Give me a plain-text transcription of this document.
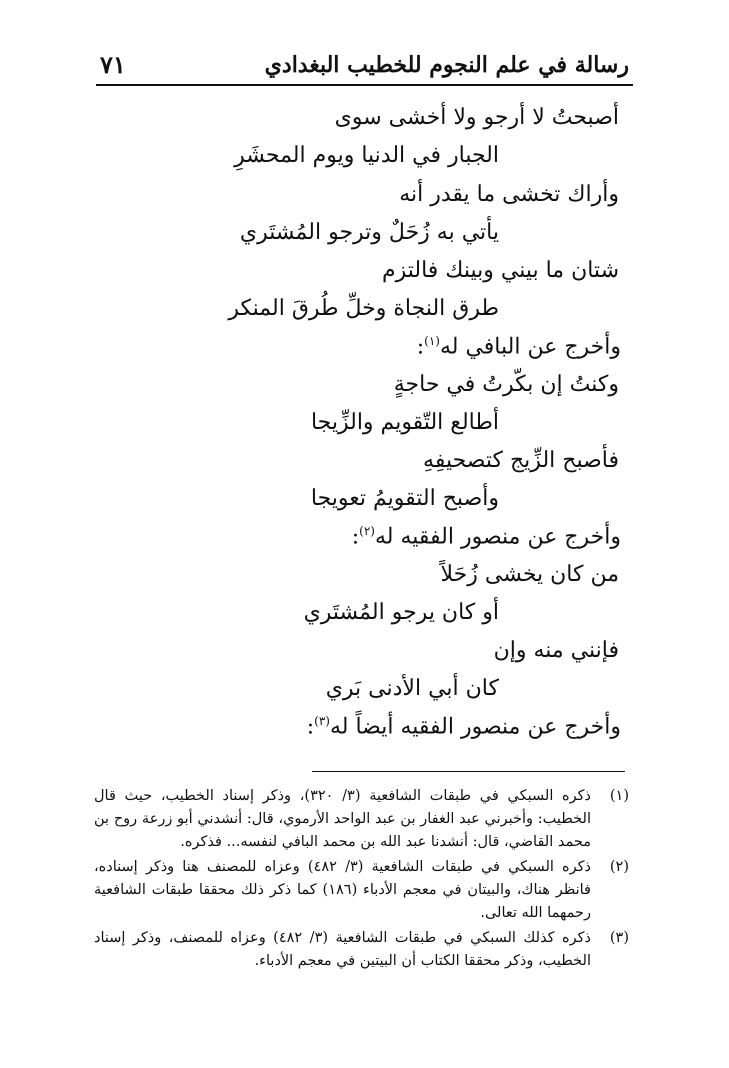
رسالة في علم النجوم للخطيب البغدادي
٧١
أصبحتُ لا أرجو ولا أخشى سوى
الجبار في الدنيا ويوم المحشَرِ
وأراك تخشى ما يقدر أنه
يأتي به زُحَلٌ وترجو المُشتَري
شتان ما بيني وبينك فالتزم
طرق النجاة وخلِّ طُرقَ المنكر
وأخرج عن البافي له$^{(١)}$:
وكنتُ إن بكّرتُ في حاجةٍ
أطالع التّقويم والزِّيجا
فأصبح الزِّيج كتصحيفِهِ
وأصبح التقويمُ تعويجا
وأخرج عن منصور الفقيه له$^{(٢)}$:
من كان يخشى زُحَلاً
أو كان يرجو المُشتَري
فإنني منه وإن
كان أبي الأدنى بَري
وأخرج عن منصور الفقيه أيضاً له$^{(٣)}$:
(١)
ذكره السبكي في طبقات الشافعية (٣/ ٣٢٠)، وذكر إسناد الخطيب، حيث قال الخطيب: وأخبرني عبد الغفار بن عبد الواحد الأرموي، قال: أنشدني أبو زرعة روح بن محمد القاضي، قال: أنشدنا عبد الله بن محمد البافي لنفسه... فذكره.
(٢)
ذكره السبكي في طبقات الشافعية (٣/ ٤٨٢) وعزاه للمصنف هنا وذكر إسناده، فانظر هناك، والبيتان في معجم الأدباء (١٨٦) كما ذكر ذلك محققا طبقات الشافعية رحمهما الله تعالى.
(٣)
ذكره كذلك السبكي في طبقات الشافعية (٣/ ٤٨٢) وعزاه للمصنف، وذكر إسناد الخطيب، وذكر محققا الكتاب أن البيتين في معجم الأدباء.
